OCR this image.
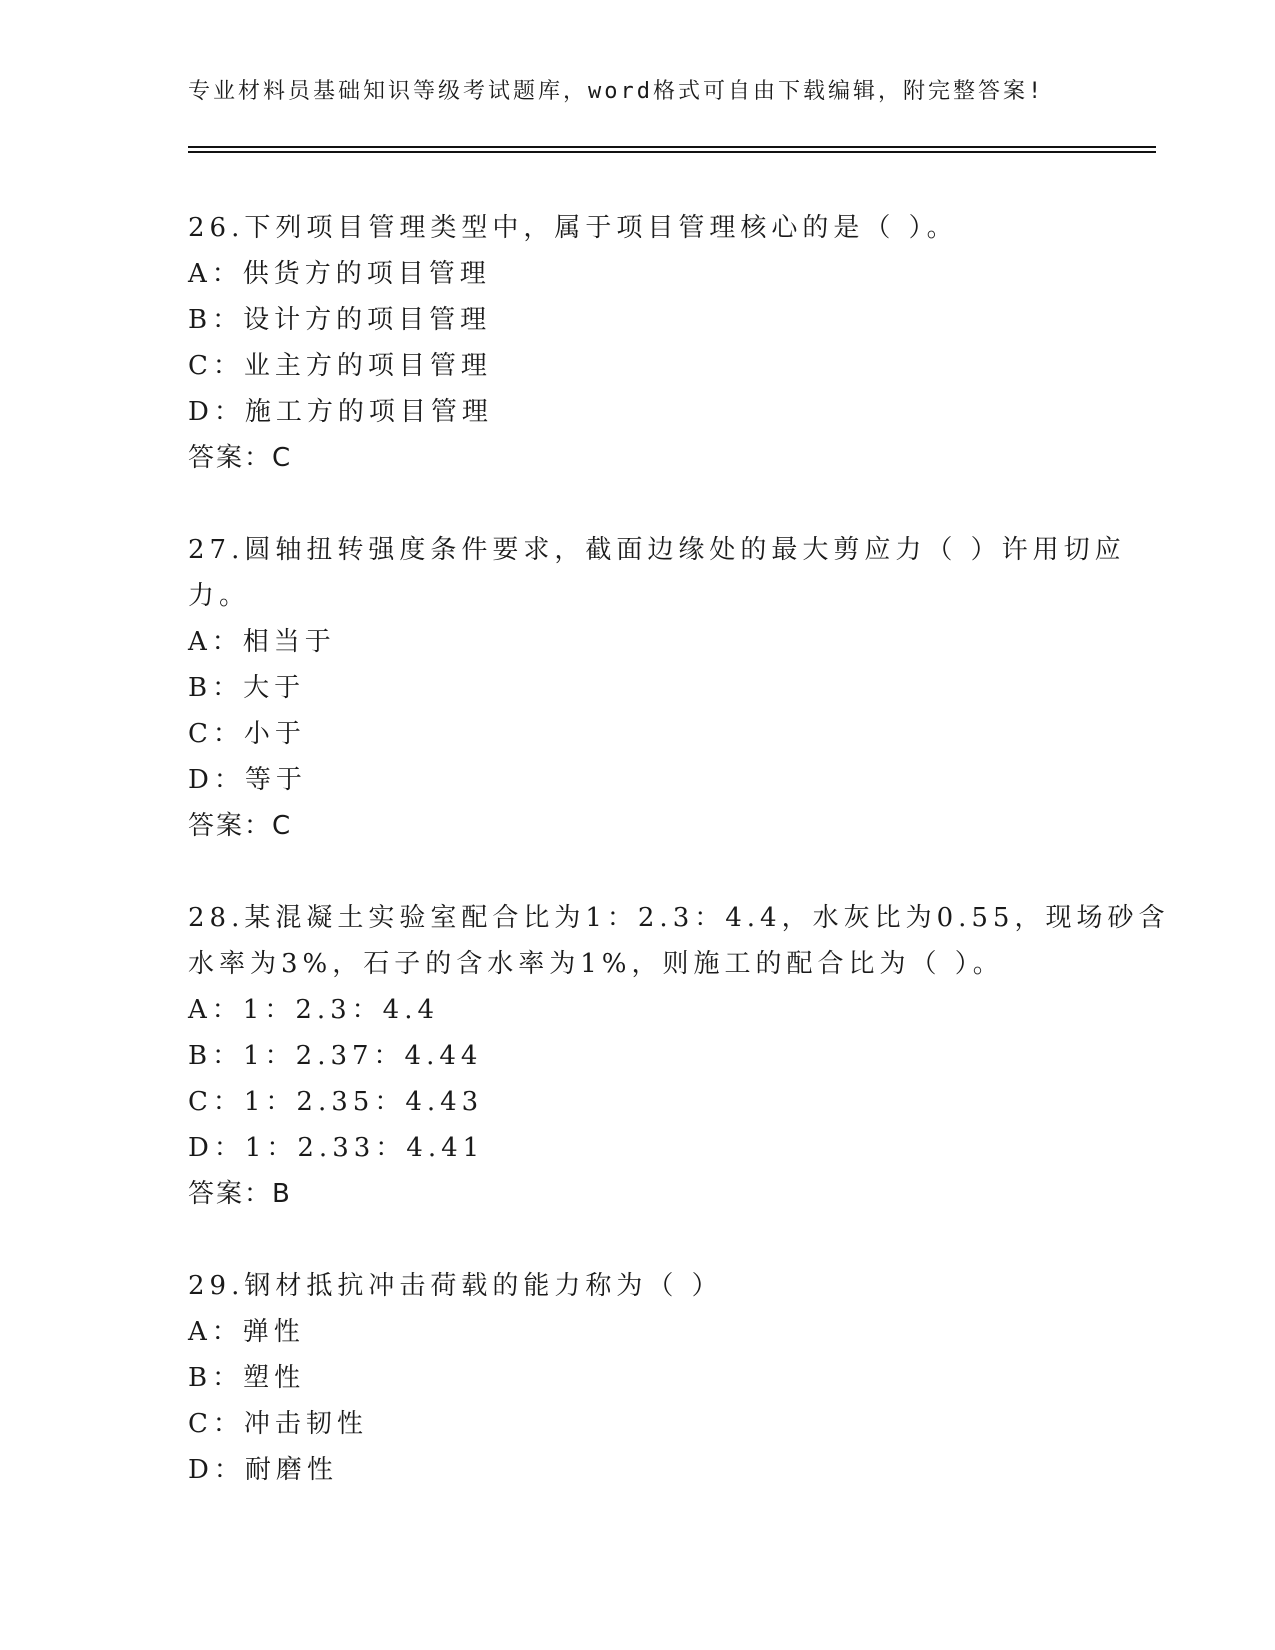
专业材料员基础知识等级考试题库，word格式可自由下载编辑，附完整答案!
26.下列项目管理类型中，属于项目管理核心的是（ ）。
A：供货方的项目管理
B：设计方的项目管理
C：业主方的项目管理
D：施工方的项目管理
答案：C
27.圆轴扭转强度条件要求，截面边缘处的最大剪应力（ ）许用切应
力。
A：相当于
B：大于
C：小于
D：等于
答案：C
28.某混凝土实验室配合比为1：2.3：4.4，水灰比为0.55，现场砂含
水率为3%，石子的含水率为1%，则施工的配合比为（ ）。
A：1：2.3：4.4
B：1：2.37：4.44
C：1：2.35：4.43
D：1：2.33：4.41
答案：B
29.钢材抵抗冲击荷载的能力称为（ ）
A：弹性
B：塑性
C：冲击韧性
D：耐磨性
